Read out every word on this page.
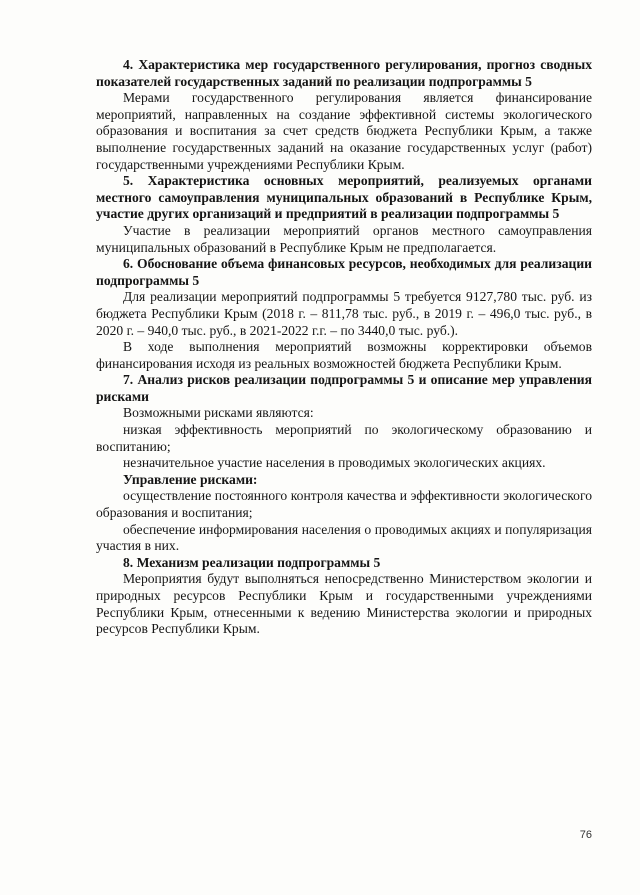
4. Характеристика мер государственного регулирования, прогноз сводных показателей государственных заданий по реализации подпрограммы 5

Мерами государственного регулирования является финансирование мероприятий, направленных на создание эффективной системы экологического образования и воспитания за счет средств бюджета Республики Крым, а также выполнение государственных заданий на оказание государственных услуг (работ) государственными учреждениями Республики Крым.

5. Характеристика основных мероприятий, реализуемых органами местного самоуправления муниципальных образований в Республике Крым, участие других организаций и предприятий в реализации подпрограммы 5

Участие в реализации мероприятий органов местного самоуправления муниципальных образований в Республике Крым не предполагается.

6. Обоснование объема финансовых ресурсов, необходимых для реализации подпрограммы 5

Для реализации мероприятий подпрограммы 5 требуется 9127,780 тыс. руб. из бюджета Республики Крым (2018 г. – 811,78 тыс. руб., в 2019 г. – 496,0 тыс. руб., в 2020 г. – 940,0 тыс. руб., в 2021-2022 г.г. – по 3440,0 тыс. руб.).

В ходе выполнения мероприятий возможны корректировки объемов финансирования исходя из реальных возможностей бюджета Республики Крым.

7. Анализ рисков реализации подпрограммы 5 и описание мер управления рисками

Возможными рисками являются:

низкая эффективность мероприятий по экологическому образованию и воспитанию;

незначительное участие населения в проводимых экологических акциях.

Управление рисками:

осуществление постоянного контроля качества и эффективности экологического образования и воспитания;

обеспечение информирования населения о проводимых акциях и популяризация участия в них.

8. Механизм реализации подпрограммы 5

Мероприятия будут выполняться непосредственно Министерством экологии и природных ресурсов Республики Крым и государственными учреждениями Республики Крым, отнесенными к ведению Министерства экологии и природных ресурсов Республики Крым.

76
